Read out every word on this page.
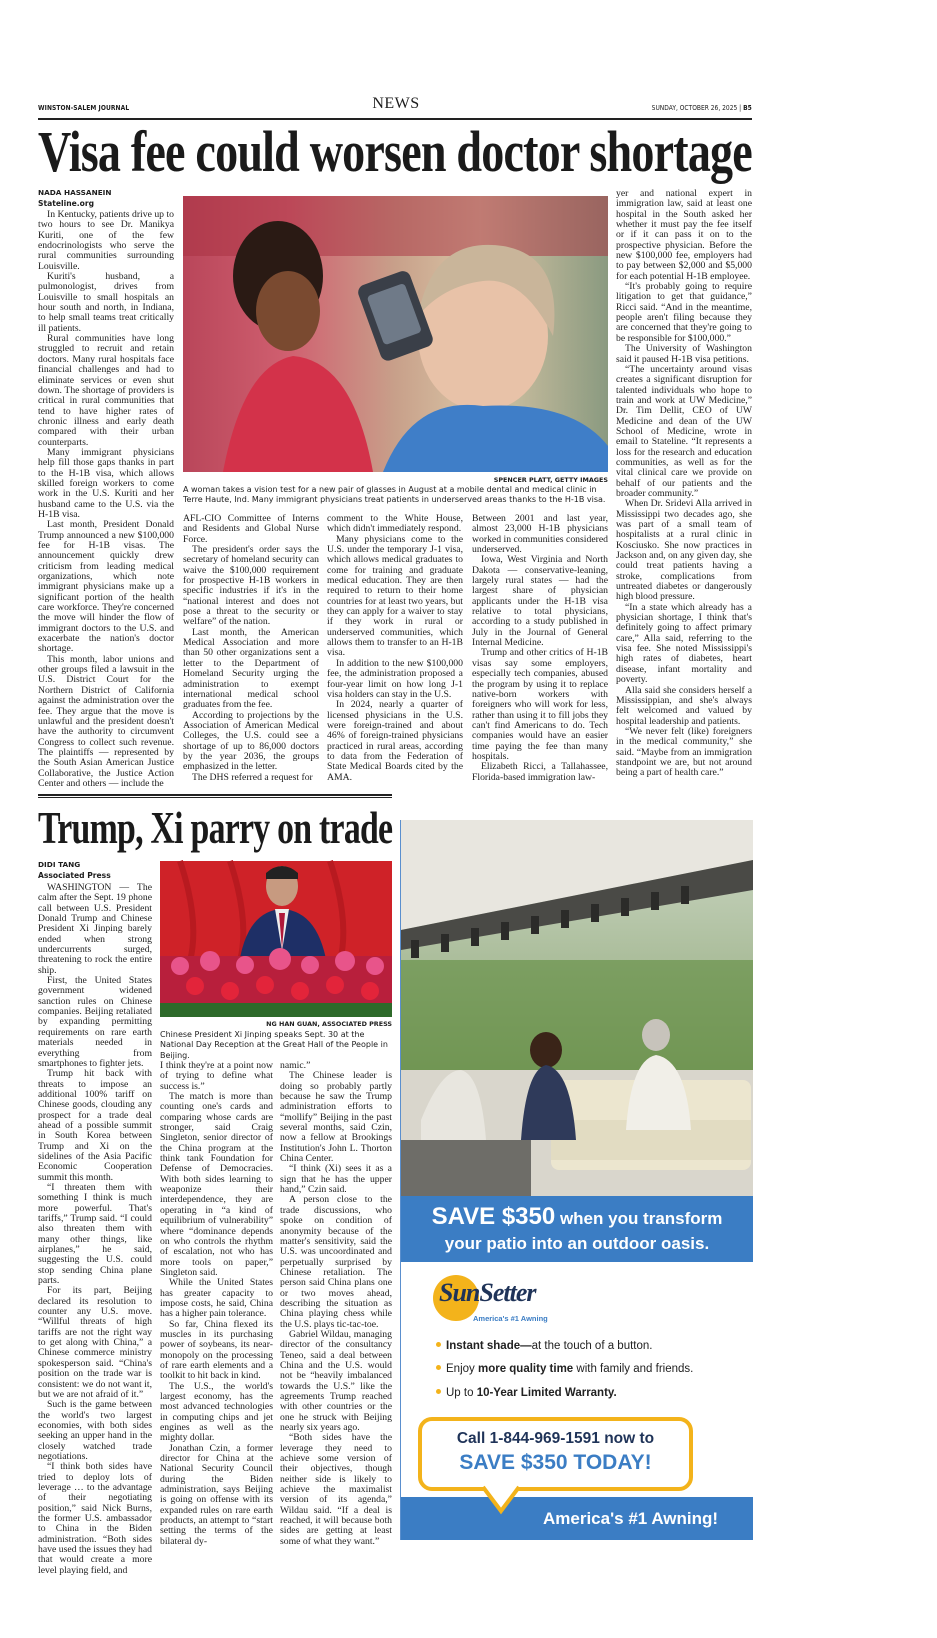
WINSTON-SALEM JOURNAL	NEWS	SUNDAY, OCTOBER 26, 2025 | B5
Visa fee could worsen doctor shortage
NADA HASSANEIN
Stateline.org
SPENCER PLATT, GETTY IMAGES
A woman takes a vision test for a new pair of glasses in August at a mobile dental and medical clinic in Terre Haute, Ind. Many immigrant physicians treat patients in underserved areas thanks to the H-1B visa.

In Kentucky, patients drive up to two hours to see Dr. Manikya Kuriti, one of the few endocrinologists who serve the rural communities surrounding Louisville.

Kuriti's husband, a pulmonologist, drives from Louisville to small hospitals an hour south and north, in Indiana, to help small teams treat critically ill patients.

Rural communities have long struggled to recruit and retain doctors. Many rural hospitals face financial challenges and had to eliminate services or even shut down. The shortage of providers is critical in rural communities that tend to have higher rates of chronic illness and early death compared with their urban counterparts.

Many immigrant physicians help fill those gaps thanks in part to the H-1B visa, which allows skilled foreign workers to come work in the U.S. Kuriti and her husband came to the U.S. via the H-1B visa.

Last month, President Donald Trump announced a new $100,000 fee for H-1B visas. The announcement quickly drew criticism from leading medical organizations, which note immigrant physicians make up a significant portion of the health care workforce. They're concerned the move will hinder the flow of immigrant doctors to the U.S. and exacerbate the nation's doctor shortage.

This month, labor unions and other groups filed a lawsuit in the U.S. District Court for the Northern District of California against the administration over the fee. They argue that the move is unlawful and the president doesn't have the authority to circumvent Congress to collect such revenue. The plaintiffs — represented by the South Asian American Justice Collaborative, the Justice Action Center and others — include the

AFL-CIO Committee of Interns and Residents and Global Nurse Force.

The president's order says the secretary of homeland security can waive the $100,000 requirement for prospective H-1B workers in specific industries if it's in the “national interest and does not pose a threat to the security or welfare” of the nation.

Last month, the American Medical Association and more than 50 other organizations sent a letter to the Department of Homeland Security urging the administration to exempt international medical school graduates from the fee.

According to projections by the Association of American Medical Colleges, the U.S. could see a shortage of up to 86,000 doctors by the year 2036, the groups emphasized in the letter.

The DHS referred a request for

comment to the White House, which didn't immediately respond.

Many physicians come to the U.S. under the temporary J-1 visa, which allows medical graduates to come for training and graduate medical education. They are then required to return to their home countries for at least two years, but they can apply for a waiver to stay if they work in rural or underserved communities, which allows them to transfer to an H-1B visa.

In addition to the new $100,000 fee, the administration proposed a four-year limit on how long J-1 visa holders can stay in the U.S.

In 2024, nearly a quarter of licensed physicians in the U.S. were foreign-trained and about 46% of foreign-trained physicians practiced in rural areas, according to data from the Federation of State Medical Boards cited by the AMA.

Between 2001 and last year, almost 23,000 H-1B physicians worked in communities considered underserved.

Iowa, West Virginia and North Dakota — conservative-leaning, largely rural states — had the largest share of physician applicants under the H-1B visa relative to total physicians, according to a study published in July in the Journal of General Internal Medicine.

Trump and other critics of H-1B visas say some employers, especially tech companies, abused the program by using it to replace native-born workers with foreigners who will work for less, rather than using it to fill jobs they can't find Americans to do. Tech companies would have an easier time paying the fee than many hospitals.

Elizabeth Ricci, a Tallahassee, Florida-based immigration law-

yer and national expert in immigration law, said at least one hospital in the South asked her whether it must pay the fee itself or if it can pass it on to the prospective physician. Before the new $100,000 fee, employers had to pay between $2,000 and $5,000 for each potential H-1B employee.

“It's probably going to require litigation to get that guidance,” Ricci said. “And in the meantime, people aren't filing because they are concerned that they're going to be responsible for $100,000.”

The University of Washington said it paused H-1B visa petitions.

“The uncertainty around visas creates a significant disruption for talented individuals who hope to train and work at UW Medicine,” Dr. Tim Dellit, CEO of UW Medicine and dean of the UW School of Medicine, wrote in email to Stateline. “It represents a loss for the research and education communities, as well as for the vital clinical care we provide on behalf of our patients and the broader community.”

When Dr. Sridevi Alla arrived in Mississippi two decades ago, she was part of a small team of hospitalists at a rural clinic in Kosciusko. She now practices in Jackson and, on any given day, she could treat patients having a stroke, complications from untreated diabetes or dangerously high blood pressure.

“In a state which already has a physician shortage, I think that's definitely going to affect primary care,” Alla said, referring to the visa fee. She noted Mississippi's high rates of diabetes, heart disease, infant mortality and poverty.

Alla said she considers herself a Mississippian, and she's always felt welcomed and valued by hospital leadership and patients.

“We never felt (like) foreigners in the medical community,” she said. “Maybe from an immigration standpoint we are, but not around being a part of health care.”

Trump, Xi parry on trade
DIDI TANG
Associated Press
NG HAN GUAN, ASSOCIATED PRESS
Chinese President Xi Jinping speaks Sept. 30 at the National Day Reception at the Great Hall of the People in Beijing.

WASHINGTON — The calm after the Sept. 19 phone call between U.S. President Donald Trump and Chinese President Xi Jinping barely ended when strong undercurrents surged, threatening to rock the entire ship.

First, the United States government widened sanction rules on Chinese companies. Beijing retaliated by expanding permitting requirements on rare earth materials needed in everything from smartphones to fighter jets.

Trump hit back with threats to impose an additional 100% tariff on Chinese goods, clouding any prospect for a trade deal ahead of a possible summit in South Korea between Trump and Xi on the sidelines of the Asia Pacific Economic Cooperation summit this month.

“I threaten them with something I think is much more powerful. That's tariffs,” Trump said. “I could also threaten them with many other things, like airplanes,” he said, suggesting the U.S. could stop sending China plane parts.

For its part, Beijing declared its resolution to counter any U.S. move. “Willful threats of high tariffs are not the right way to get along with China,” a Chinese commerce ministry spokesperson said. “China's position on the trade war is consistent: we do not want it, but we are not afraid of it.”

Such is the game between the world's two largest economies, with both sides seeking an upper hand in the closely watched trade negotiations.

“I think both sides have tried to deploy lots of leverage … to the advantage of their negotiating position,” said Nick Burns, the former U.S. ambassador to China in the Biden administration. “Both sides have used the issues they had that would create a more level playing field, and

I think they're at a point now of trying to define what success is.”

The match is more than counting one's cards and comparing whose cards are stronger, said Craig Singleton, senior director of the China program at the think tank Foundation for Defense of Democracies. With both sides learning to weaponize their interdependence, they are operating in “a kind of equilibrium of vulnerability” where “dominance depends on who controls the rhythm of escalation, not who has more tools on paper,” Singleton said.

While the United States has greater capacity to impose costs, he said, China has a higher pain tolerance.

So far, China flexed its muscles in its purchasing power of soybeans, its near-monopoly on the processing of rare earth elements and a toolkit to hit back in kind.

The U.S., the world's largest economy, has the most advanced technologies in computing chips and jet engines as well as the mighty dollar.

Jonathan Czin, a former director for China at the National Security Council during the Biden administration, says Beijing is going on offense with its expanded rules on rare earth products, an attempt to “start setting the terms of the bilateral dy-

namic.”

The Chinese leader is doing so probably partly because he saw the Trump administration efforts to “mollify” Beijing in the past several months, said Czin, now a fellow at Brookings Institution's John L. Thorton China Center.

“I think (Xi) sees it as a sign that he has the upper hand,” Czin said.

A person close to the trade discussions, who spoke on condition of anonymity because of the matter's sensitivity, said the U.S. was uncoordinated and perpetually surprised by Chinese retaliation. The person said China plans one or two moves ahead, describing the situation as China playing chess while the U.S. plays tic-tac-toe.

Gabriel Wildau, managing director of the consultancy Teneo, said a deal between China and the U.S. would not be “heavily imbalanced towards the U.S.” like the agreements Trump reached with other countries or the one he struck with Beijing nearly six years ago.

“Both sides have the leverage they need to achieve some version of their objectives, though neither side is likely to achieve the maximalist version of its agenda,” Wildau said. “If a deal is reached, it will because both sides are getting at least some of what they want.”

SAVE $350 when you transform
your patio into an outdoor oasis.
SunSetter
America's #1 Awning
Instant shade—at the touch of a button.
Enjoy more quality time with family and friends.
Up to 10-Year Limited Warranty.
Call 1-844-969-1591 now to
SAVE $350 TODAY!
America's #1 Awning!
